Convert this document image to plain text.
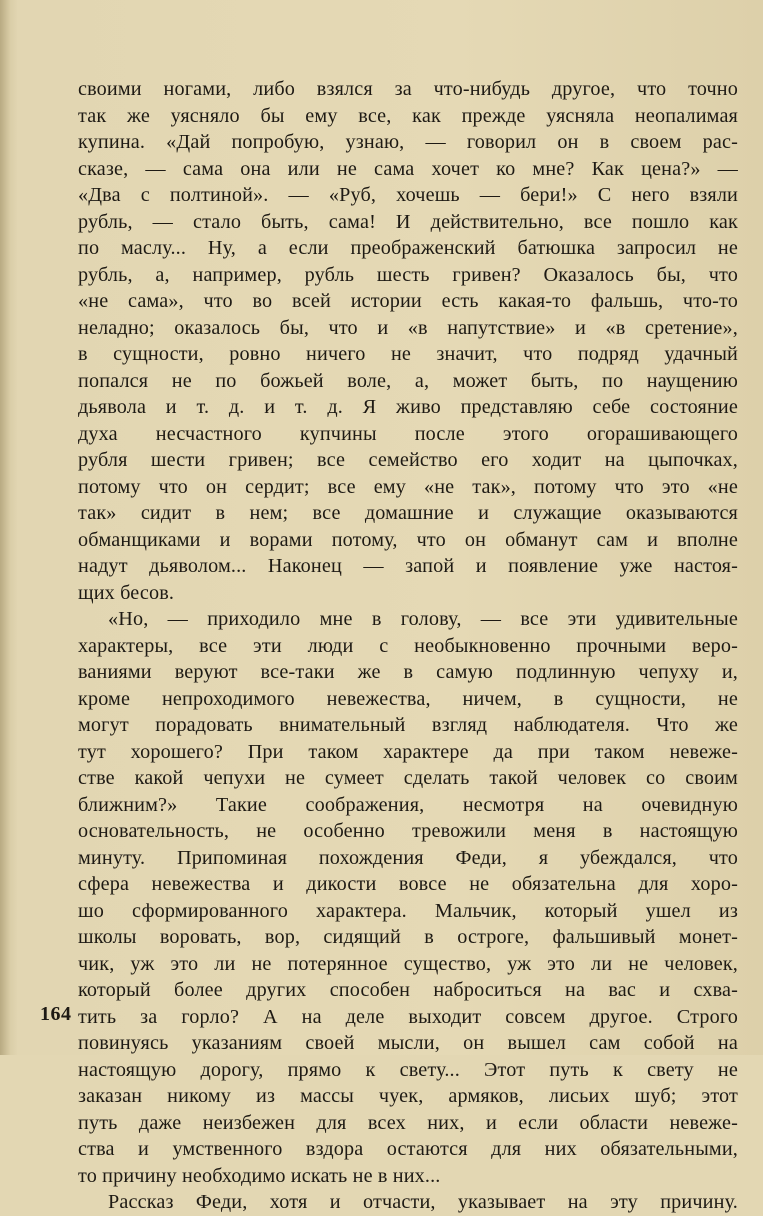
своими ногами, либо взялся за что-нибудь другое, что точно
так же уясняло бы ему все, как прежде уясняла неопалимая
купина. «Дай попробую, узнаю, — говорил он в своем рас-
сказе, — сама она или не сама хочет ко мне? Как цена?» —
«Два с полтиной». — «Руб, хочешь — бери!» С него взяли
рубль, — стало быть, сама! И действительно, все пошло как
по маслу... Ну, а если преображенский батюшка запросил не
рубль, а, например, рубль шесть гривен? Оказалось бы, что
«не сама», что во всей истории есть какая-то фальшь, что-то
неладно; оказалось бы, что и «в напутствие» и «в сретение»,
в сущности, ровно ничего не значит, что подряд удачный
попался не по божьей воле, а, может быть, по наущению
дьявола и т. д. и т. д. Я живо представляю себе состояние
духа несчастного купчины после этого огорашивающего
рубля шести гривен; все семейство его ходит на цыпочках,
потому что он сердит; все ему «не так», потому что это «не
так» сидит в нем; все домашние и служащие оказываются
обманщиками и ворами потому, что он обманут сам и вполне
надут дьяволом... Наконец — запой и появление уже настоя-
щих бесов.
«Но, — приходило мне в голову, — все эти удивительные
характеры, все эти люди с необыкновенно прочными веро-
ваниями веруют все-таки же в самую подлинную чепуху и,
кроме непроходимого невежества, ничем, в сущности, не
могут порадовать внимательный взгляд наблюдателя. Что же
тут хорошего? При таком характере да при таком невеже-
стве какой чепухи не сумеет сделать такой человек со своим
ближним?» Такие соображения, несмотря на очевидную
основательность, не особенно тревожили меня в настоящую
минуту. Припоминая похождения Феди, я убеждался, что
сфера невежества и дикости вовсе не обязательна для хоро-
шо сформированного характера. Мальчик, который ушел из
школы воровать, вор, сидящий в остроге, фальшивый монет-
чик, уж это ли не потерянное существо, уж это ли не человек,
который более других способен наброситься на вас и схва-
тить за горло? А на деле выходит совсем другое. Строго
повинуясь указаниям своей мысли, он вышел сам собой на
настоящую дорогу, прямо к свету... Этот путь к свету не
заказан никому из массы чуек, армяков, лисьих шуб; этот
путь даже неизбежен для всех них, и если области невеже-
ства и умственного вздора остаются для них обязательными,
то причину необходимо искать не в них...
Рассказ Феди, хотя и отчасти, указывает на эту причину.
164
